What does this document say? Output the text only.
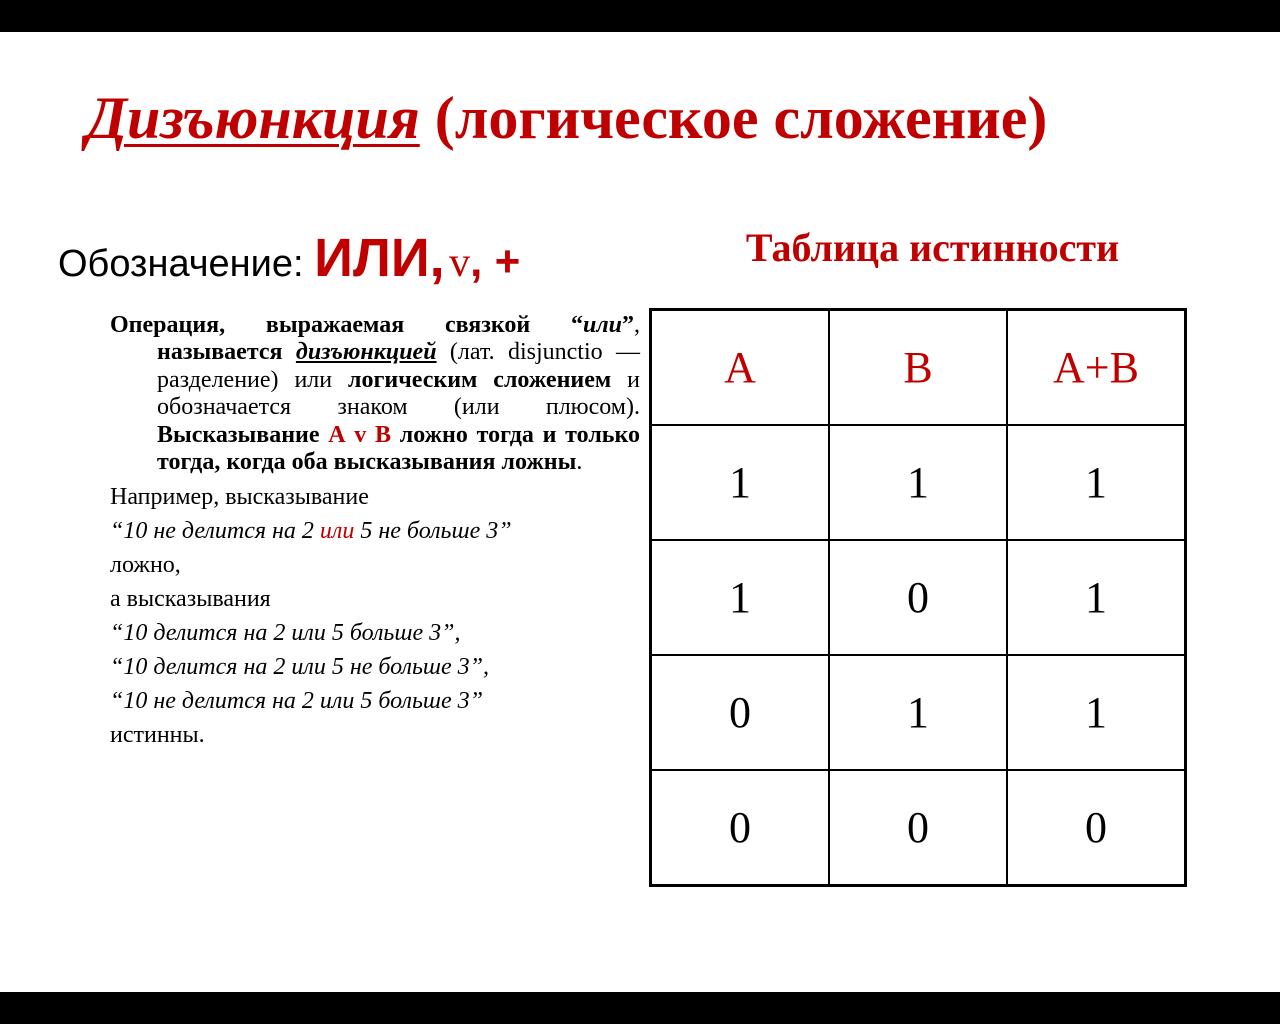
Дизъюнкция (логическое сложение)
Обозначение: ИЛИ, v, +	Таблица истинности
Операция, выражаемая связкой “или”, называется дизъюнкцией (лат. disjunctio — разделение) или логическим сложением и обозначается знаком (или плюсом). Высказывание А v В ложно тогда и только тогда, когда оба высказывания ложны.
Например, высказывание
“10 не делится на 2 или 5 не больше 3”
ложно,
а высказывания
“10 делится на 2 или 5 больше 3”,
“10 делится на 2 или 5 не больше 3”,
“10 не делится на 2 или 5 больше 3”
истинны.
A	B	A+B
1	1	1
1	0	1
0	1	1
0	0	0
